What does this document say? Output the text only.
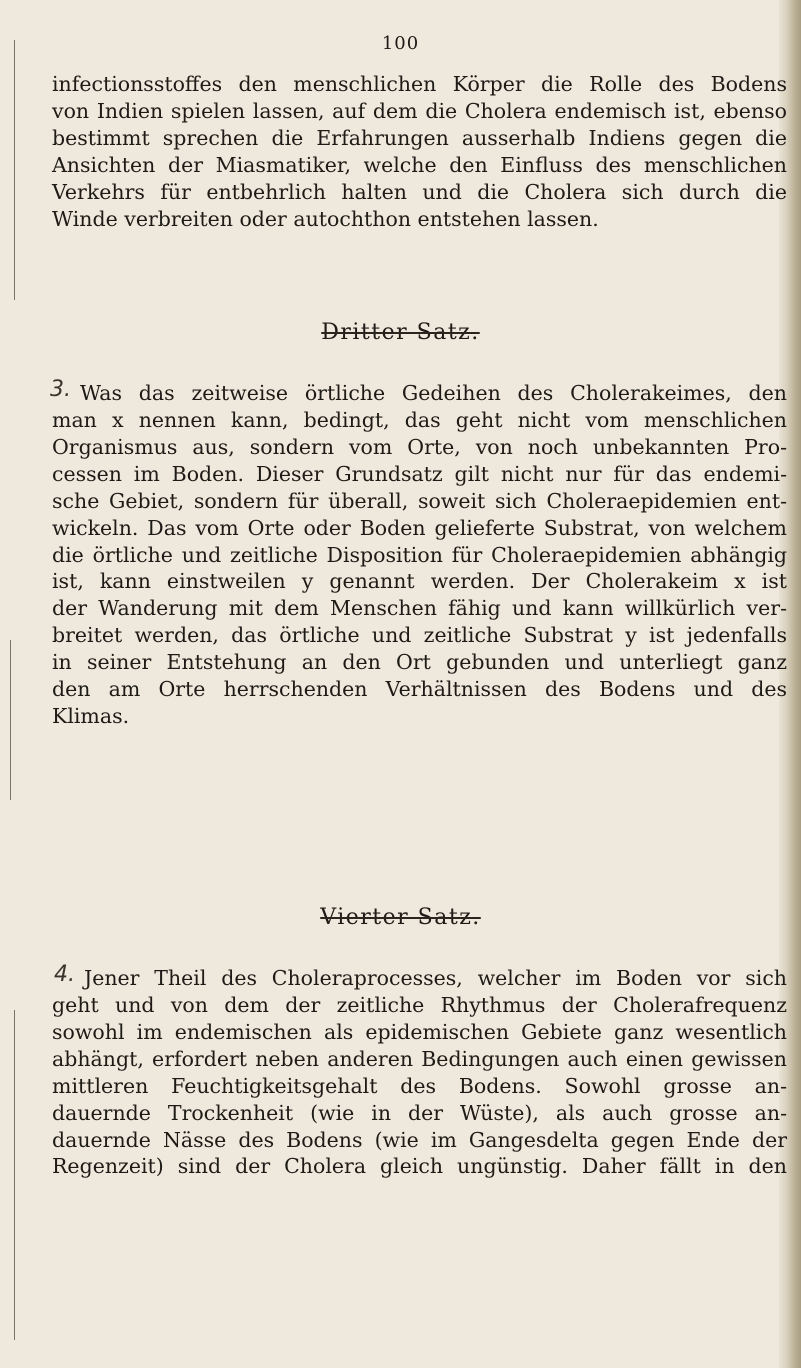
100
infectionsstoffes den menschlichen Körper die Rolle des Bodens
von Indien spielen lassen, auf dem die Cholera endemisch ist, ebenso
bestimmt sprechen die Erfahrungen ausserhalb Indiens gegen die
Ansichten der Miasmatiker, welche den Einfluss des menschlichen
Verkehrs für entbehrlich halten und die Cholera sich durch die
Winde verbreiten oder autochthon entstehen lassen.
Dritter Satz.
3. Was das zeitweise örtliche Gedeihen des Cholerakeimes, den
man x nennen kann, bedingt, das geht nicht vom menschlichen
Organismus aus, sondern vom Orte, von noch unbekannten Pro-
cessen im Boden. Dieser Grundsatz gilt nicht nur für das endemi-
sche Gebiet, sondern für überall, soweit sich Choleraepidemien ent-
wickeln. Das vom Orte oder Boden gelieferte Substrat, von welchem
die örtliche und zeitliche Disposition für Choleraepidemien abhängig
ist, kann einstweilen y genannt werden. Der Cholerakeim x ist
der Wanderung mit dem Menschen fähig und kann willkürlich ver-
breitet werden, das örtliche und zeitliche Substrat y ist jedenfalls
in seiner Entstehung an den Ort gebunden und unterliegt ganz
den am Orte herrschenden Verhältnissen des Bodens und des
Klimas.
Vierter Satz.
4. Jener Theil des Choleraprocesses, welcher im Boden vor sich
geht und von dem der zeitliche Rhythmus der Cholerafrequenz
sowohl im endemischen als epidemischen Gebiete ganz wesentlich
abhängt, erfordert neben anderen Bedingungen auch einen gewissen
mittleren Feuchtigkeitsgehalt des Bodens. Sowohl grosse an-
dauernde Trockenheit (wie in der Wüste), als auch grosse an-
dauernde Nässe des Bodens (wie im Gangesdelta gegen Ende der
Regenzeit) sind der Cholera gleich ungünstig. Daher fällt in den
